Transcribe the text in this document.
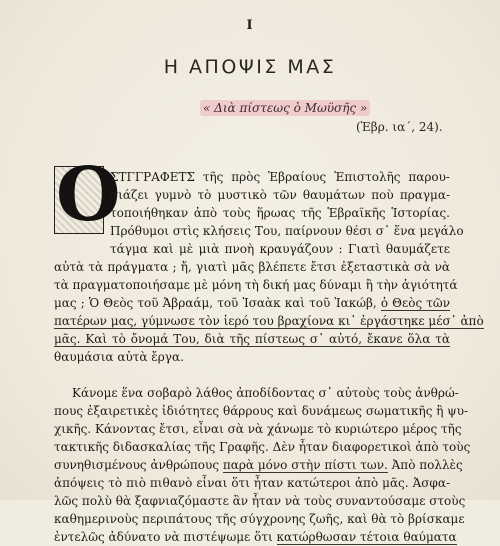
I
Η ΑΠΟΨΙΣ ΜΑΣ
« Διὰ πίστεως ὁ Μωϋσῆς »
(Ἑβρ. ια΄, 24).
O
ΣΤΓΓΡΑΦΕΤΣ τῆς πρὸς Ἑβραίους Ἐπιστολῆς παρου-
σιάζει γυμνὸ τὸ μυστικὸ τῶν θαυμάτων ποὺ πραγμα-
τοποιήθηκαν ἀπὸ τοὺς ἥρωας τῆς Ἑβραϊκῆς Ἱστορίας.
Πρόθυμοι στὶς κλήσεις Του, παίρνουν θέσι σ᾽ ἕνα μεγάλο
τάγμα καὶ μὲ μιὰ πνοὴ κραυγάζουν : Γιατὶ θαυμάζετε
αὐτὰ τὰ πράγματα ; ἤ, γιατὶ μᾶς βλέπετε ἔτσι ἐξεταστικὰ σὰ νὰ
τὰ πραγματοποιήσαμε μὲ μόνη τὴ δική μας δύναμι ἢ τὴν ἁγιότητά
μας ; Ὁ Θεὸς τοῦ Ἀβραάμ, τοῦ Ἰσαὰκ καὶ τοῦ Ἰακώβ, ὁ Θεὸς τῶν
πατέρων μας, γύμνωσε τὸν ἱερό του βραχίονα κι᾽ ἐργάστηκε μέσ᾽ ἀπὸ
μᾶς. Καὶ τὸ ὄνομά Του, διὰ τῆς πίστεως σ᾽ αὐτό, ἔκανε ὅλα τὰ
θαυμάσια αὐτὰ ἔργα.
Κάνομε ἕνα σοβαρὸ λάθος ἀποδίδοντας σ᾽ αὐτοὺς τοὺς ἀνθρώ-
πους ἐξαιρετικὲς ἰδιότητες θάρρους καὶ δυνάμεως σωματικῆς ἢ ψυ-
χικῆς. Κάνοντας ἔτσι, εἶναι σὰ νὰ χάνωμε τὸ κυριώτερο μέρος τῆς
τακτικῆς διδασκαλίας τῆς Γραφῆς. Δὲν ἦταν διαφορετικοὶ ἀπὸ τοὺς
συνηθισμένους ἀνθρώπους παρὰ μόνο στὴν πίστι των. Ἀπὸ πολλὲς
ἀπόψεις τὸ πιὸ πιθανὸ εἶναι ὅτι ἦταν κατώτεροι ἀπὸ μᾶς. Ἀσφα-
λῶς πολὺ θὰ ξαφνιαζόμαστε ἂν ἦταν νὰ τοὺς συναντούσαμε στοὺς
καθημερινοὺς περιπάτους τῆς σύγχρονης ζωῆς, καὶ θὰ τὸ βρίσκαμε
ἐντελῶς ἀδύνατο νὰ πιστέψωμε ὅτι κατώρθωσαν τέτοια θαύματα
